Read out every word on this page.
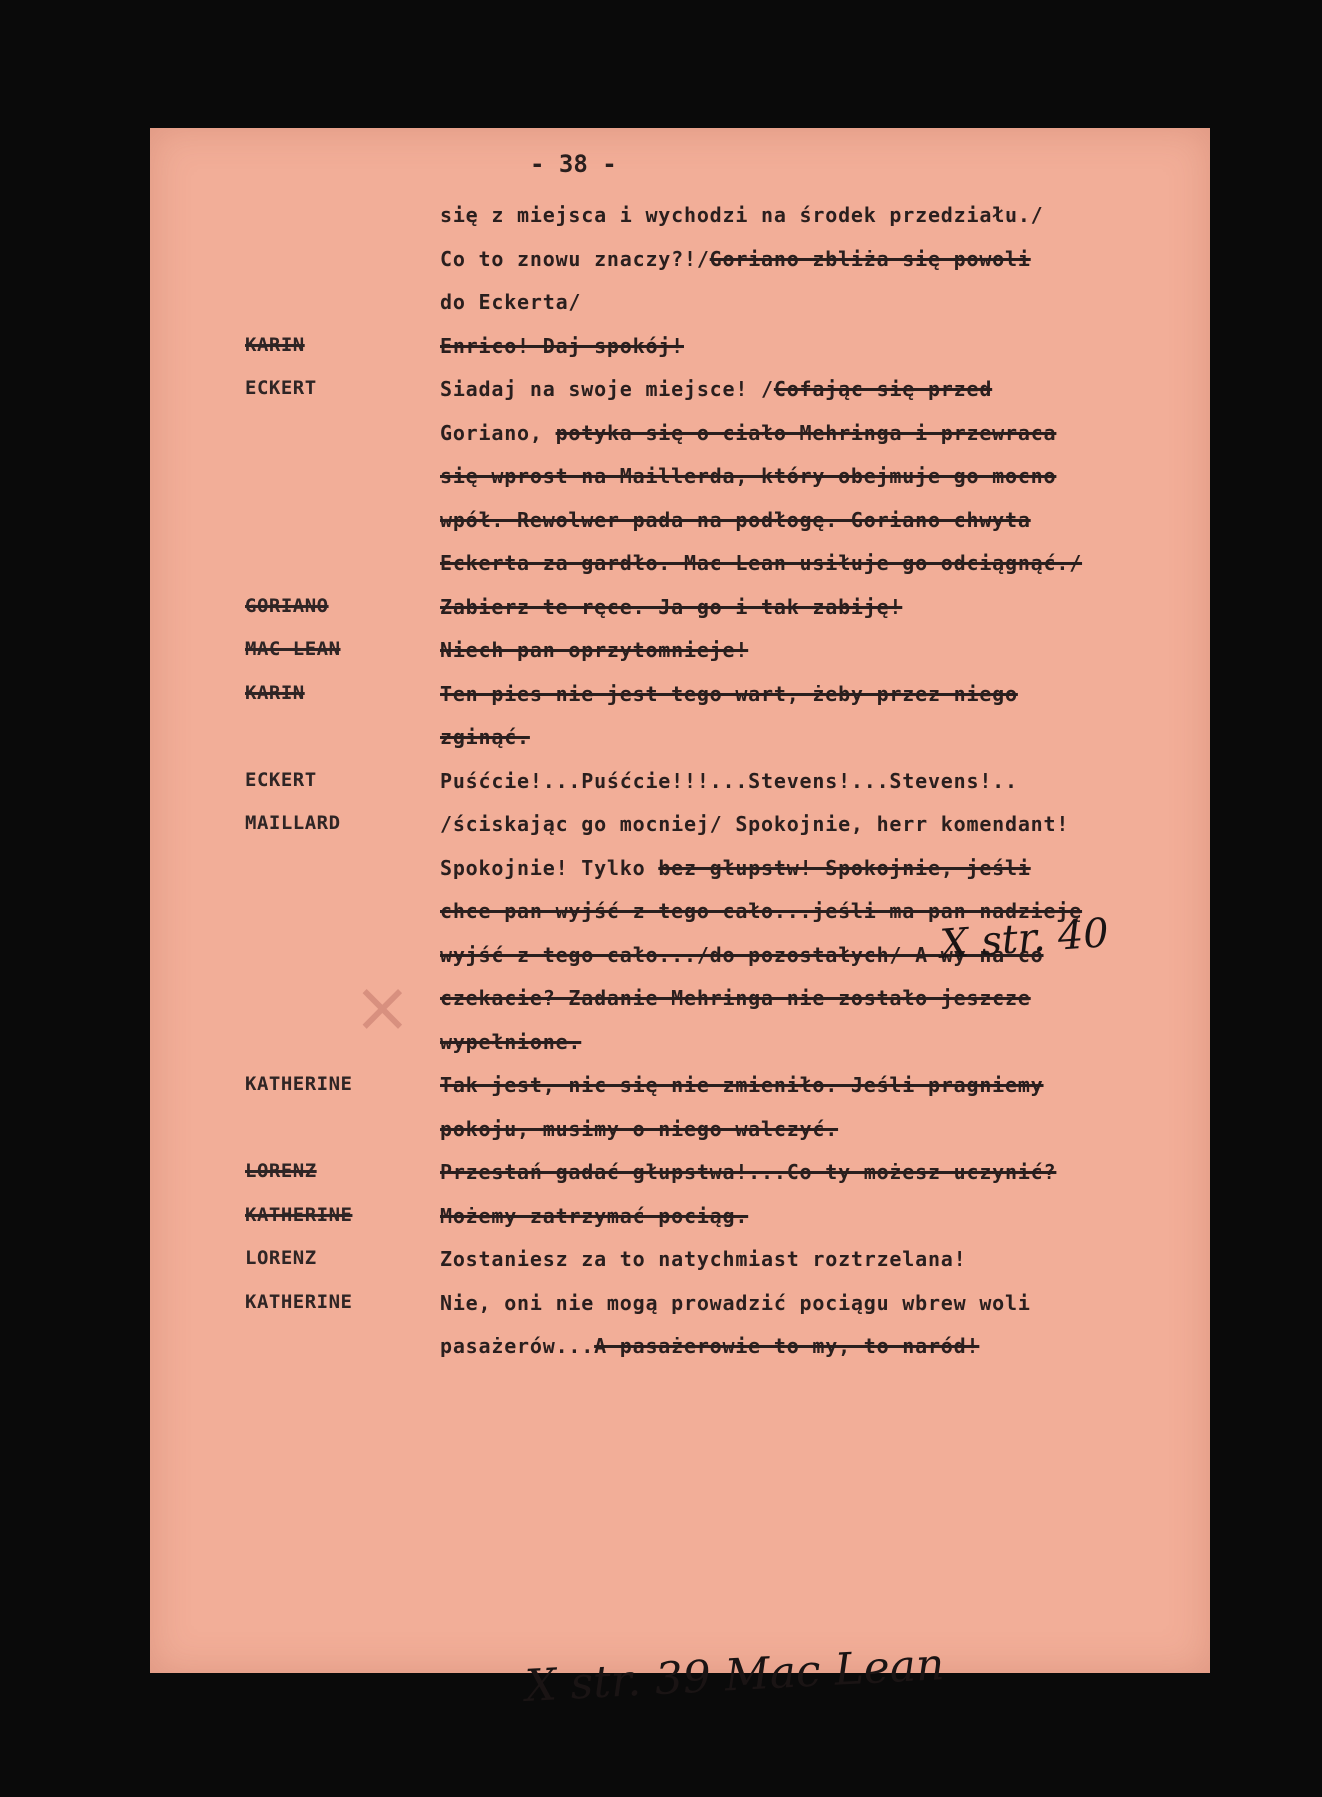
- 38 -
się z miejsca i wychodzi na środek przedziału./
Co to znowu znaczy?!/Goriano zbliża się powoli
do Eckerta/
KARIN	Enrico! Daj spokój!
ECKERT	Siadaj na swoje miejsce! /Cofając się przed
Goriano, potyka się o ciało Mehringa i przewraca
się wprost na Maillerda, który obejmuje go mocno
wpół. Rewolwer pada na podłogę. Goriano chwyta
Eckerta za gardło. Mac Lean usiłuje go odciągnąć./
GORIANO	Zabierz te ręce. Ja go i tak zabiję!
MAC LEAN	Niech pan oprzytomnieje!
KARIN	Ten pies nie jest tego wart, żeby przez niego
zginąć.
ECKERT	Puśćcie!...Puśćcie!!!...Stevens!...Stevens!..
MAILLARD	/ściskając go mocniej/ Spokojnie, herr komendant!
Spokojnie! Tylko bez głupstw! Spokojnie, jeśli
chce pan wyjść z tego cało...jeśli ma pan nadzieję
wyjść z tego cało.../do pozostałych/ A wy na co
czekacie? Zadanie Mehringa nie zostało jeszcze
wypełnione.
KATHERINE	Tak jest, nic się nie zmieniło. Jeśli pragniemy
pokoju, musimy o niego walczyć.
LORENZ	Przestań gadać głupstwa!...Co ty możesz uczynić?
KATHERINE	Możemy zatrzymać pociąg.
LORENZ	Zostaniesz za to natychmiast roztrzelana!
KATHERINE	Nie, oni nie mogą prowadzić pociągu wbrew woli
pasażerów...A pasażerowie to my, to naród!
×
X str. 40
X str. 39 Mac Lean
